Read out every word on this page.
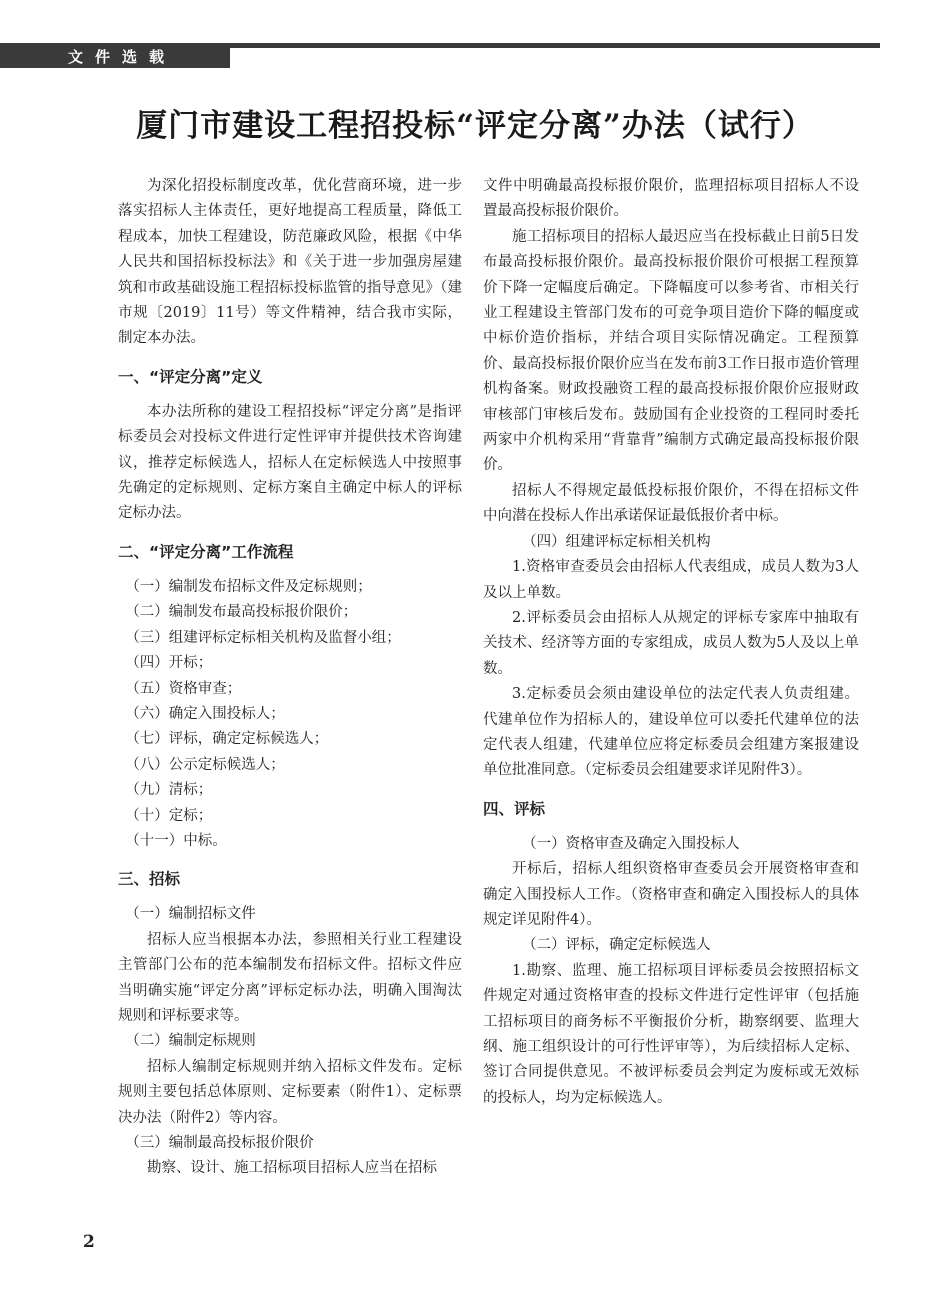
文件选载
厦门市建设工程招投标“评定分离”办法（试行）

为深化招投标制度改革，优化营商环境，进一步落实招标人主体责任，更好地提高工程质量，降低工程成本，加快工程建设，防范廉政风险，根据《中华人民共和国招标投标法》和《关于进一步加强房屋建筑和市政基础设施工程招标投标监管的指导意见》（建市规〔2019〕11号）等文件精神，结合我市实际，制定本办法。

一、“评定分离”定义

本办法所称的建设工程招投标“评定分离”是指评标委员会对投标文件进行定性评审并提供技术咨询建议，推荐定标候选人，招标人在定标候选人中按照事先确定的定标规则、定标方案自主确定中标人的评标定标办法。

二、“评定分离”工作流程

（一）编制发布招标文件及定标规则；

（二）编制发布最高投标报价限价；

（三）组建评标定标相关机构及监督小组；

（四）开标；

（五）资格审查；

（六）确定入围投标人；

（七）评标，确定定标候选人；

（八）公示定标候选人；

（九）清标；

（十）定标；

（十一）中标。

三、招标

（一）编制招标文件

招标人应当根据本办法，参照相关行业工程建设主管部门公布的范本编制发布招标文件。招标文件应当明确实施“评定分离”评标定标办法，明确入围淘汰规则和评标要求等。

（二）编制定标规则

招标人编制定标规则并纳入招标文件发布。定标规则主要包括总体原则、定标要素（附件1）、定标票决办法（附件2）等内容。

（三）编制最高投标报价限价

勘察、设计、施工招标项目招标人应当在招标

文件中明确最高投标报价限价，监理招标项目招标人不设置最高投标报价限价。

施工招标项目的招标人最迟应当在投标截止日前5日发布最高投标报价限价。最高投标报价限价可根据工程预算价下降一定幅度后确定。下降幅度可以参考省、市相关行业工程建设主管部门发布的可竞争项目造价下降的幅度或中标价造价指标，并结合项目实际情况确定。工程预算价、最高投标报价限价应当在发布前3工作日报市造价管理机构备案。财政投融资工程的最高投标报价限价应报财政审核部门审核后发布。鼓励国有企业投资的工程同时委托两家中介机构采用“背靠背”编制方式确定最高投标报价限价。

招标人不得规定最低投标报价限价，不得在招标文件中向潜在投标人作出承诺保证最低报价者中标。

（四）组建评标定标相关机构

1.资格审查委员会由招标人代表组成，成员人数为3人及以上单数。

2.评标委员会由招标人从规定的评标专家库中抽取有关技术、经济等方面的专家组成，成员人数为5人及以上单数。

3.定标委员会须由建设单位的法定代表人负责组建。代建单位作为招标人的，建设单位可以委托代建单位的法定代表人组建，代建单位应将定标委员会组建方案报建设单位批准同意。（定标委员会组建要求详见附件3）。

四、评标

（一）资格审查及确定入围投标人

开标后，招标人组织资格审查委员会开展资格审查和确定入围投标人工作。（资格审查和确定入围投标人的具体规定详见附件4）。

（二）评标，确定定标候选人

1.勘察、监理、施工招标项目评标委员会按照招标文件规定对通过资格审查的投标文件进行定性评审（包括施工招标项目的商务标不平衡报价分析，勘察纲要、监理大纲、施工组织设计的可行性评审等），为后续招标人定标、签订合同提供意见。不被评标委员会判定为废标或无效标的投标人，均为定标候选人。

2
